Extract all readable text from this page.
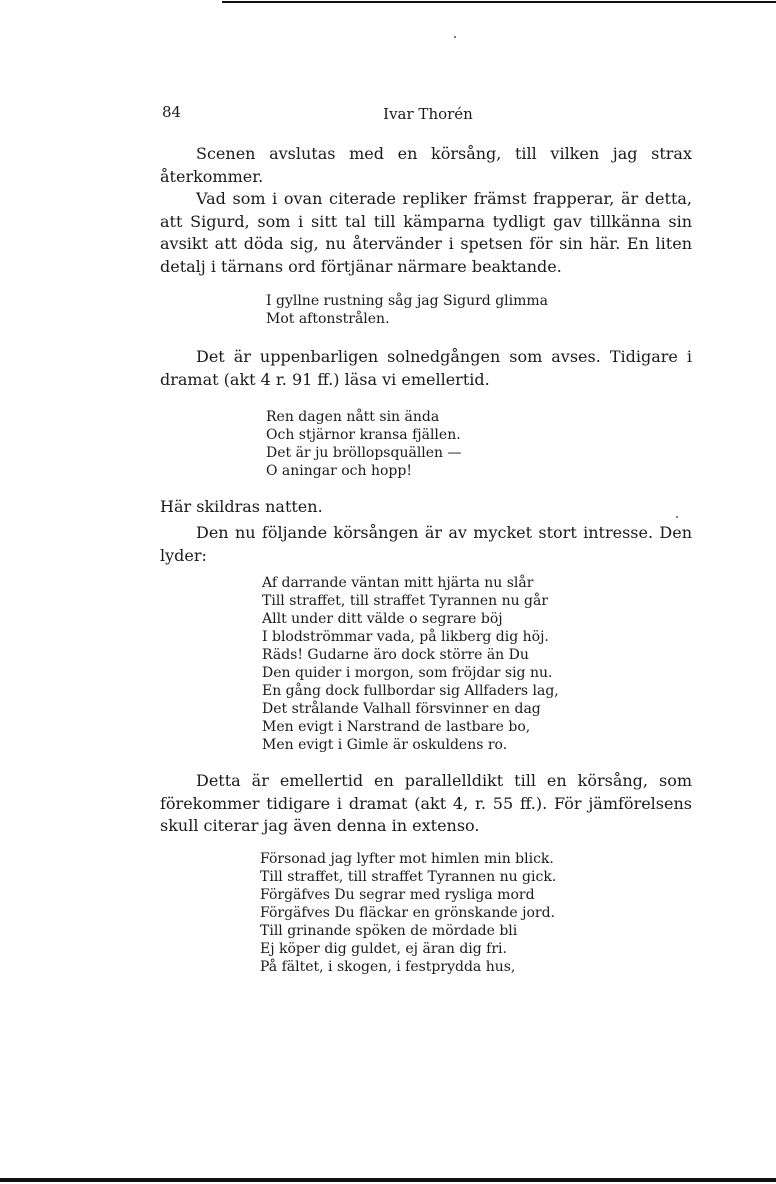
84	Ivar Thorén

Scenen avslutas med en körsång, till vilken jag strax återkommer.

Vad som i ovan citerade repliker främst frapperar, är detta, att Sigurd, som i sitt tal till kämparna tydligt gav tillkänna sin avsikt att döda sig, nu återvänder i spetsen för sin här. En liten detalj i tärnans ord förtjänar närmare beaktande.

I gyllne rustning såg jag Sigurd glimma
Mot aftonstrålen.

Det är uppenbarligen solnedgången som avses. Tidigare i dramat (akt 4 r. 91 ff.) läsa vi emellertid.

Ren dagen nått sin ända
Och stjärnor kransa fjällen.
Det är ju bröllopsquällen —
O aningar och hopp!

Här skildras natten.

Den nu följande körsången är av mycket stort intresse. Den lyder:

Af darrande väntan mitt hjärta nu slår
Till straffet, till straffet Tyrannen nu går
Allt under ditt välde o segrare böj
I blodströmmar vada, på likberg dig höj.
Räds! Gudarne äro dock större än Du
Den quider i morgon, som fröjdar sig nu.
En gång dock fullbordar sig Allfaders lag,
Det strålande Valhall försvinner en dag
Men evigt i Narstrand de lastbare bo,
Men evigt i Gimle är oskuldens ro.

Detta är emellertid en parallelldikt till en körsång, som förekommer tidigare i dramat (akt 4, r. 55 ff.). För jämförelsens skull citerar jag även denna in extenso.

Försonad jag lyfter mot himlen min blick.
Till straffet, till straffet Tyrannen nu gick.
Förgäfves Du segrar med rysliga mord
Förgäfves Du fläckar en grönskande jord.
Till grinande spöken de mördade bli
Ej köper dig guldet, ej äran dig fri.
På fältet, i skogen, i festprydda hus,
